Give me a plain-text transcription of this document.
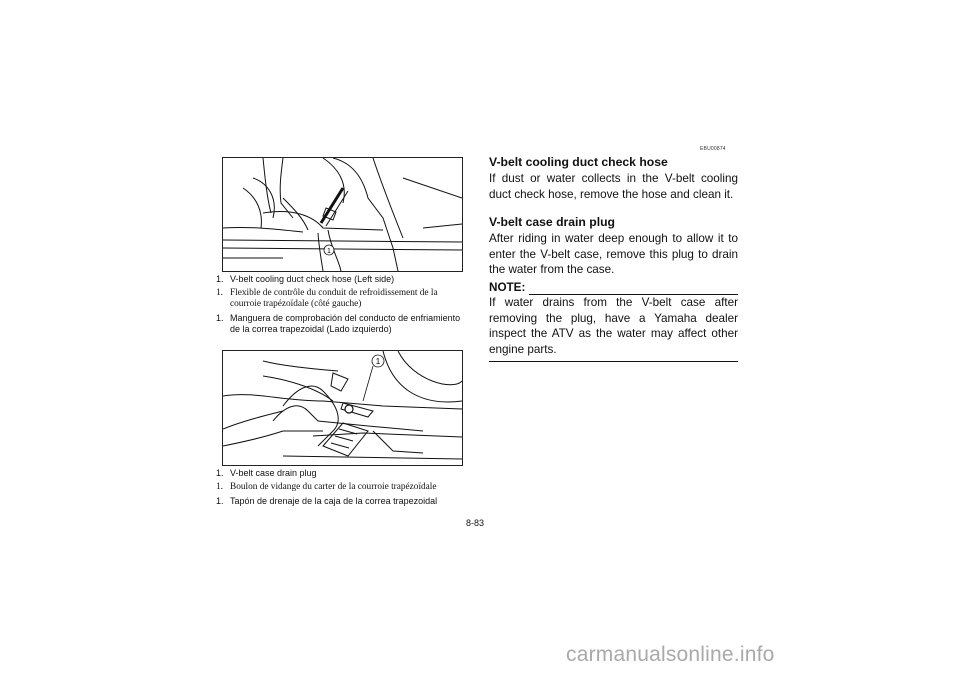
1
1. V-belt cooling duct check hose (Left side)
1. Flexible de contrôle du conduit de refroidissement de la courroie trapézoïdale (côté gauche)
1. Manguera de comprobación del conducto de enfriamiento de la correa trapezoidal (Lado izquierdo)
1
1. V-belt case drain plug
1. Boulon de vidange du carter de la courroie trapézoïdale
1. Tapón de drenaje de la caja de la correa trapezoidal
EBU00874
V-belt cooling duct check hose
If dust or water collects in the V-belt cooling duct check hose, remove the hose and clean it.
V-belt case drain plug
After riding in water deep enough to allow it to enter the V-belt case, remove this plug to drain the water from the case.
NOTE:
If water drains from the V-belt case after removing the plug, have a Yamaha dealer inspect the ATV as the water may affect other engine parts.
8-83
carmanualsonline.info
